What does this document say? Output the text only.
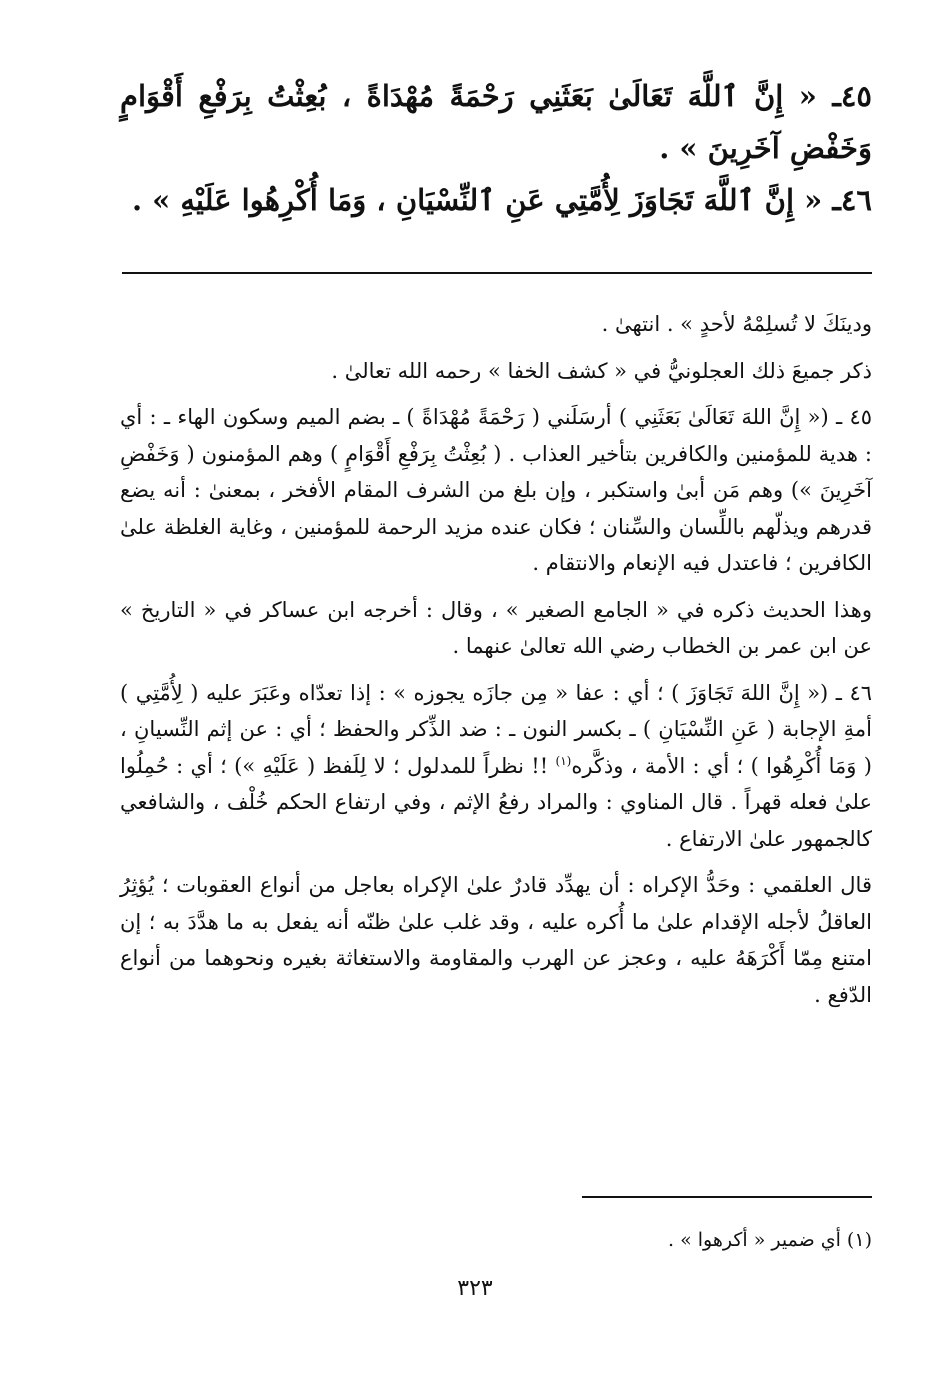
٤٥ـ « إِنَّ ٱللَّهَ تَعَالَىٰ بَعَثَنِي رَحْمَةً مُهْدَاةً ، بُعِثْتُ بِرَفْعِ أَقْوَامٍ وَخَفْضِ آخَرِينَ » .

٤٦ـ « إِنَّ ٱللَّهَ تَجَاوَزَ لِأُمَّتِي عَنِ ٱلنِّسْيَانِ ، وَمَا أُكْرِهُوا عَلَيْهِ » .

ودينَكَ لا تُسلِمْهُ لأحدٍ » . انتهىٰ .

ذكر جميعَ ذلك العجلونيُّ في « كشف الخفا » رحمه الله تعالىٰ .

٤٥ ـ (« إِنَّ اللهَ تَعَالَىٰ بَعَثَنِي ) أرسَلَني ( رَحْمَةً مُهْدَاةً ) ـ بضم الميم وسكون الهاء ـ : أي : هدية للمؤمنين والكافرين بتأخير العذاب . ( بُعِثْتُ بِرَفْعِ أَقْوَامٍ ) وهم المؤمنون ( وَخَفْضِ آخَرِينَ ») وهم مَن أبىٰ واستكبر ، وإن بلغ من الشرف المقام الأفخر ، بمعنىٰ : أنه يضع قدرهم ويذلّهم باللِّسان والسِّنان ؛ فكان عنده مزيد الرحمة للمؤمنين ، وغاية الغلظة علىٰ الكافرين ؛ فاعتدل فيه الإنعام والانتقام .

وهذا الحديث ذكره في « الجامع الصغير » ، وقال : أخرجه ابن عساكر في « التاريخ » عن ابن عمر بن الخطاب رضي الله تعالىٰ عنهما .

٤٦ ـ (« إِنَّ اللهَ تَجَاوَزَ ) ؛ أي : عفا « مِن جازَه يجوزه » : إذا تعدّاه وعَبَرَ عليه ( لِأُمَّتِي ) أمةِ الإجابة ( عَنِ النِّسْيَانِ ) ـ بكسر النون ـ : ضد الذِّكر والحفظ ؛ أي : عن إثم النِّسيانِ ، ( وَمَا أُكْرِهُوا ) ؛ أي : الأمة ، وذكَّره$^{(١)}$ !! نظراً للمدلول ؛ لا لِلَفظ ( عَلَيْهِ ») ؛ أي : حُمِلُوا علىٰ فعله قهراً . قال المناوي : والمراد رفعُ الإثم ، وفي ارتفاع الحكم خُلْف ، والشافعي كالجمهور علىٰ الارتفاع .

قال العلقمي : وحَدُّ الإكراه : أن يهدِّد قادرٌ علىٰ الإكراه بعاجل من أنواع العقوبات ؛ يُؤثِرُ العاقلُ لأجله الإقدام علىٰ ما أُكره عليه ، وقد غلب علىٰ ظنّه أنه يفعل به ما هدَّدَ به ؛ إن امتنع مِمّا أَكْرَهَهُ عليه ، وعجز عن الهرب والمقاومة والاستغاثة بغيره ونحوهما من أنواع الدّفع .

(١) أي ضمير « أكرهوا » .
٣٢٣
